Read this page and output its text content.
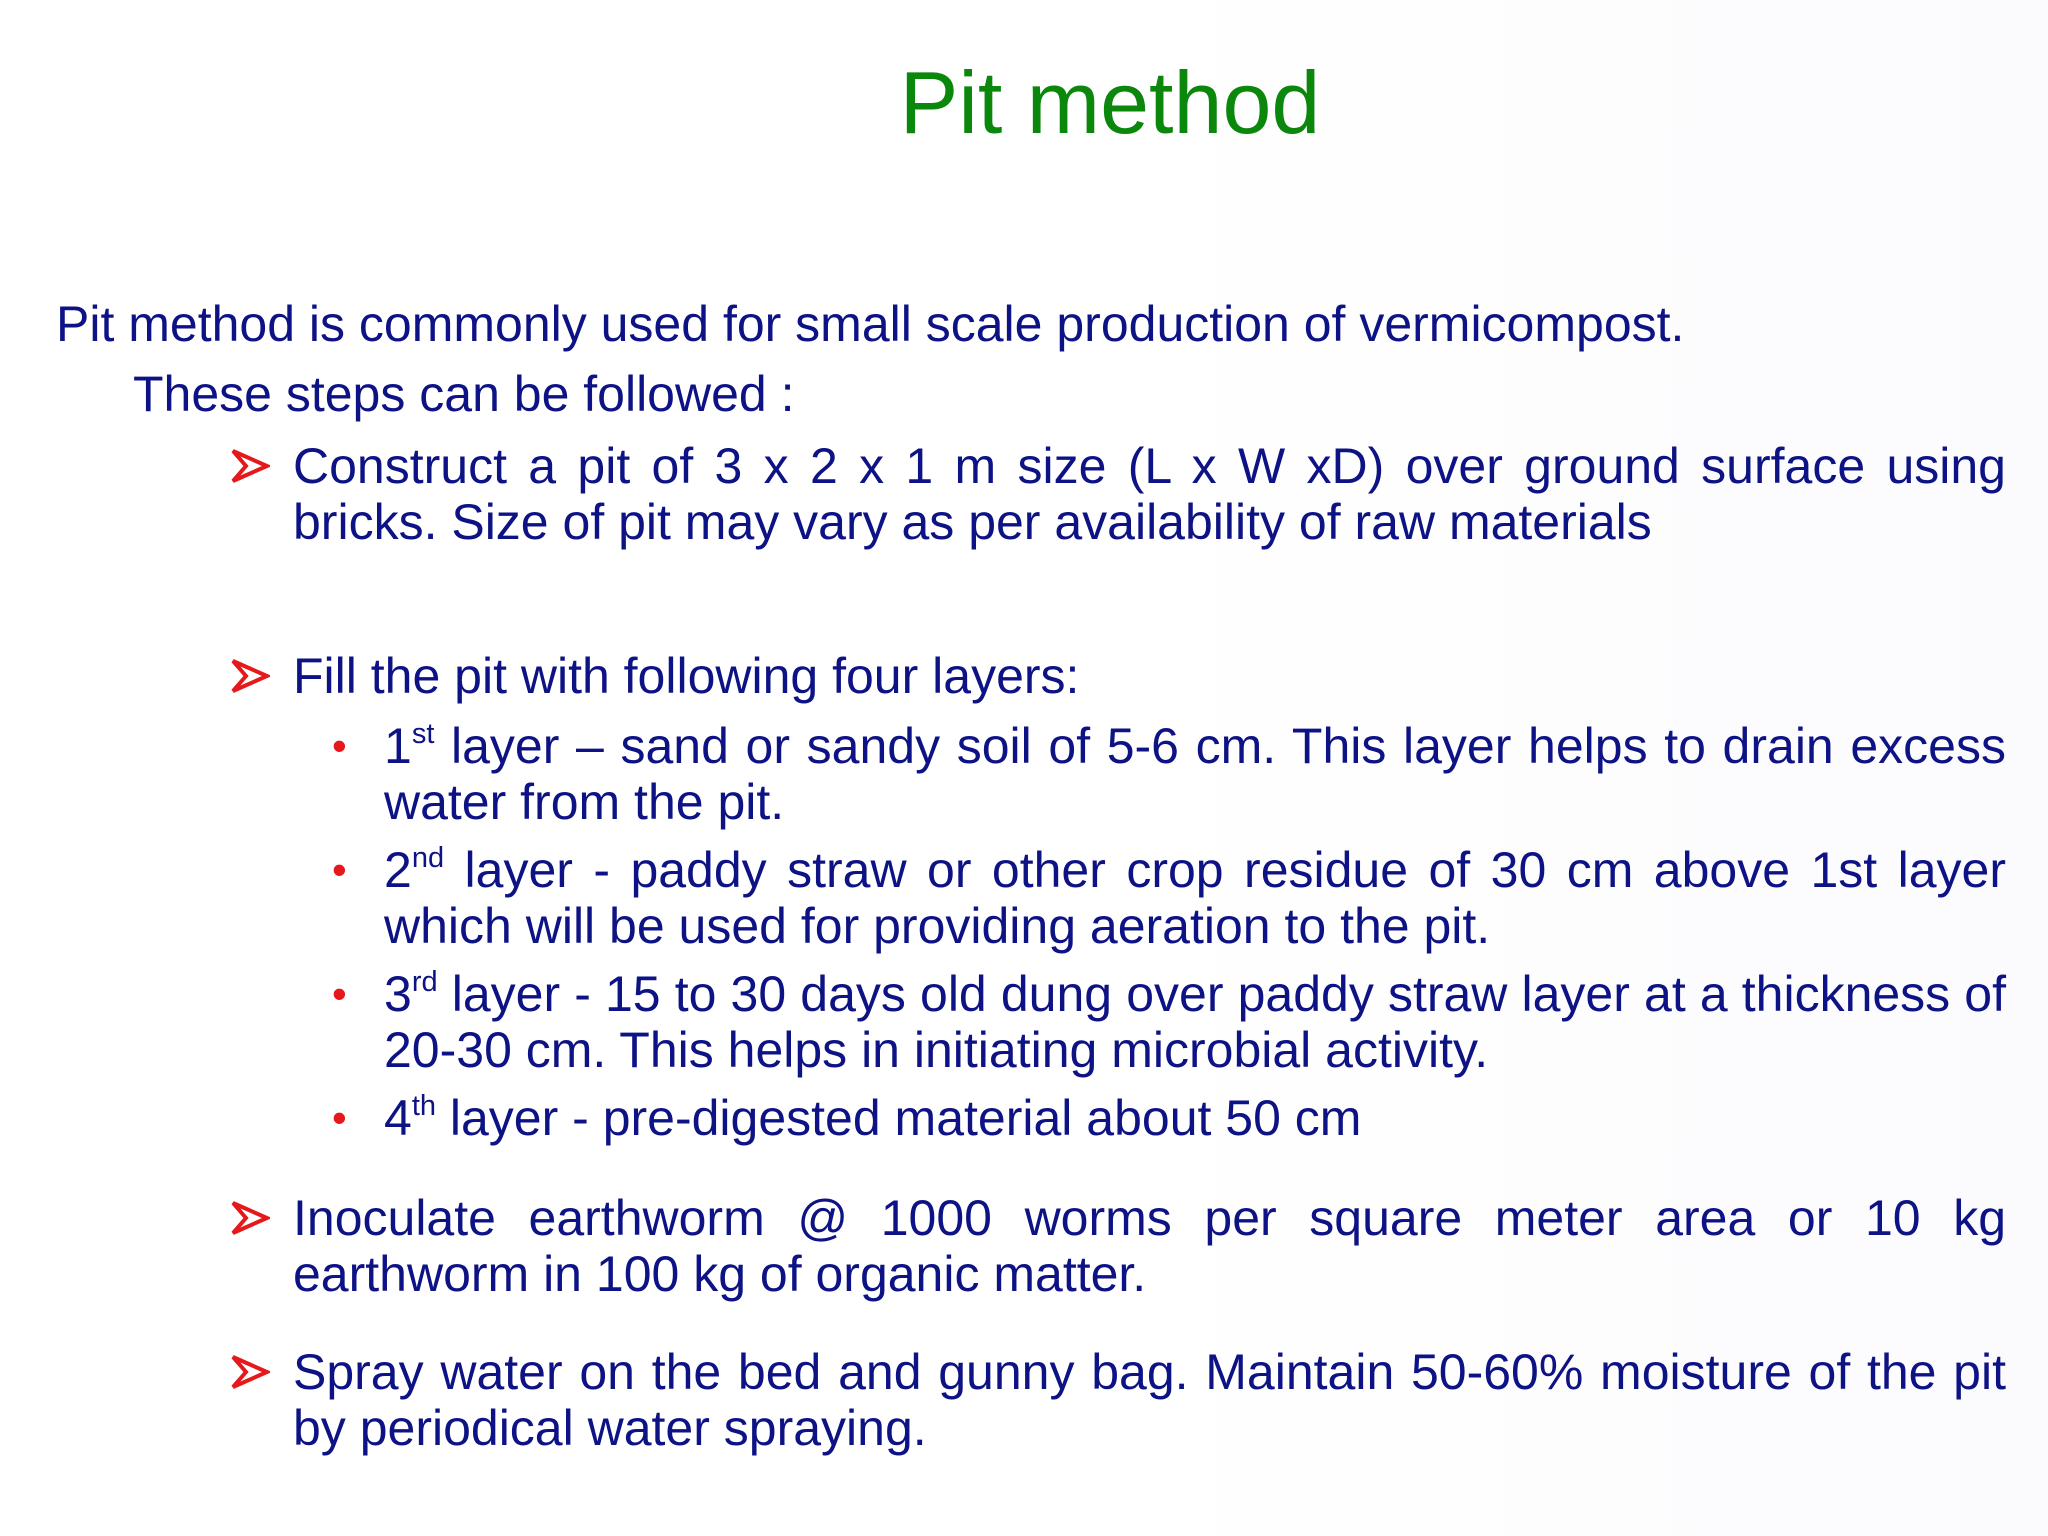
Pit method
Pit method is commonly used for small scale production of vermicompost.
These steps can be followed :
Construct a pit of 3 x 2 x 1 m size (L x W xD) over ground surface using bricks. Size of pit may vary as per availability of raw materials
Fill the pit with following four layers:
• 1st layer – sand or sandy soil of 5-6 cm. This layer helps to drain excess water from the pit.
• 2nd layer - paddy straw or other crop residue of 30 cm above 1st layer which will be used for providing aeration to the pit.
• 3rd layer - 15 to 30 days old dung over paddy straw layer at a thickness of 20-30 cm. This helps in initiating microbial activity.
• 4th layer - pre-digested material about 50 cm
Inoculate earthworm @ 1000 worms per square meter area or 10 kg earthworm in 100 kg of organic matter.
Spray water on the bed and gunny bag. Maintain 50-60% moisture of the pit by periodical water spraying.
